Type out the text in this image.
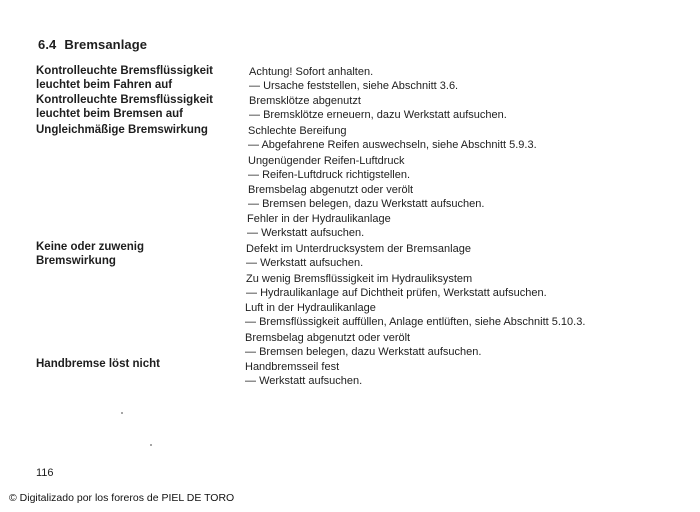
6.4 Bremsanlage
Kontrolleuchte Bremsflüssigkeit
leuchtet beim Fahren auf
Kontrolleuchte Bremsflüssigkeit
leuchtet beim Bremsen auf
Ungleichmäßige Bremswirkung
Keine oder zuwenig
Bremswirkung
Handbremse löst nicht
Achtung! Sofort anhalten.
— Ursache feststellen, siehe Abschnitt 3.6.
Bremsklötze abgenutzt
— Bremsklötze erneuern, dazu Werkstatt aufsuchen.
Schlechte Bereifung
— Abgefahrene Reifen auswechseln, siehe Abschnitt 5.9.3.
Ungenügender Reifen-Luftdruck
— Reifen-Luftdruck richtigstellen.
Bremsbelag abgenutzt oder verölt
— Bremsen belegen, dazu Werkstatt aufsuchen.
Fehler in der Hydraulikanlage
— Werkstatt aufsuchen.
Defekt im Unterdrucksystem der Bremsanlage
— Werkstatt aufsuchen.
Zu wenig Bremsflüssigkeit im Hydrauliksystem
— Hydraulikanlage auf Dichtheit prüfen, Werkstatt aufsuchen.
Luft in der Hydraulikanlage
— Bremsflüssigkeit auffüllen, Anlage entlüften, siehe Abschnitt 5.10.3.
Bremsbelag abgenutzt oder verölt
— Bremsen belegen, dazu Werkstatt aufsuchen.
Handbremsseil fest
— Werkstatt aufsuchen.
116
© Digitalizado por los foreros de PIEL DE TORO
